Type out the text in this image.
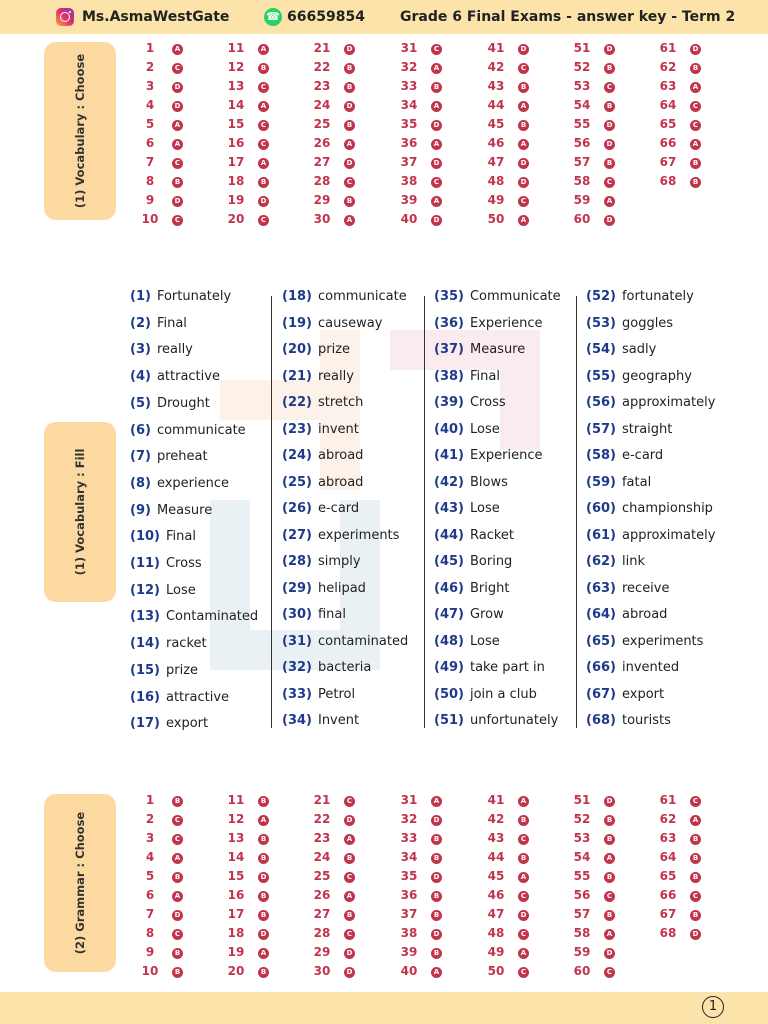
Ms.AsmaWestGate	☎ 66659854	Grade 6 Final Exams - answer key - Term 2
(1) Vocabulary : Choose
(1) Vocabulary : Fill
(2) Grammar : Choose
1	A
2	C
3	D
4	D
5	A
6	A
7	C
8	B
9	D
10	C
11	A
12	B
13	C
14	A
15	C
16	C
17	A
18	B
19	D
20	C
21	D
22	B
23	B
24	D
25	B
26	A
27	D
28	C
29	B
30	A
31	C
32	A
33	B
34	A
35	D
36	A
37	D
38	C
39	A
40	D
41	D
42	C
43	B
44	A
45	B
46	A
47	D
48	D
49	C
50	A
51	D
52	B
53	C
54	B
55	D
56	D
57	B
58	C
59	A
60	D
61	D
62	B
63	A
64	C
65	C
66	A
67	B
68	B
(1) Fortunately
(2) Final
(3) really
(4) attractive
(5) Drought
(6) communicate
(7) preheat
(8) experience
(9) Measure
(10) Final
(11) Cross
(12) Lose
(13) Contaminated
(14) racket
(15) prize
(16) attractive
(17) export
(18) communicate
(19) causeway
(20) prize
(21) really
(22) stretch
(23) invent
(24) abroad
(25) abroad
(26) e-card
(27) experiments
(28) simply
(29) helipad
(30) final
(31) contaminated
(32) bacteria
(33) Petrol
(34) Invent
(35) Communicate
(36) Experience
(37) Measure
(38) Final
(39) Cross
(40) Lose
(41) Experience
(42) Blows
(43) Lose
(44) Racket
(45) Boring
(46) Bright
(47) Grow
(48) Lose
(49) take part in
(50) join a club
(51) unfortunately
(52) fortunately
(53) goggles
(54) sadly
(55) geography
(56) approximately
(57) straight
(58) e-card
(59) fatal
(60) championship
(61) approximately
(62) link
(63) receive
(64) abroad
(65) experiments
(66) invented
(67) export
(68) tourists
1	B
2	C
3	C
4	A
5	B
6	A
7	D
8	C
9	B
10	B
11	B
12	A
13	B
14	B
15	D
16	B
17	B
18	D
19	A
20	B
21	C
22	D
23	A
24	B
25	C
26	A
27	B
28	C
29	D
30	D
31	A
32	D
33	B
34	B
35	D
36	B
37	B
38	D
39	B
40	A
41	A
42	B
43	C
44	B
45	A
46	C
47	D
48	C
49	A
50	C
51	D
52	B
53	B
54	A
55	B
56	C
57	B
58	A
59	D
60	C
61	C
62	A
63	B
64	B
65	B
66	C
67	B
68	D
1
